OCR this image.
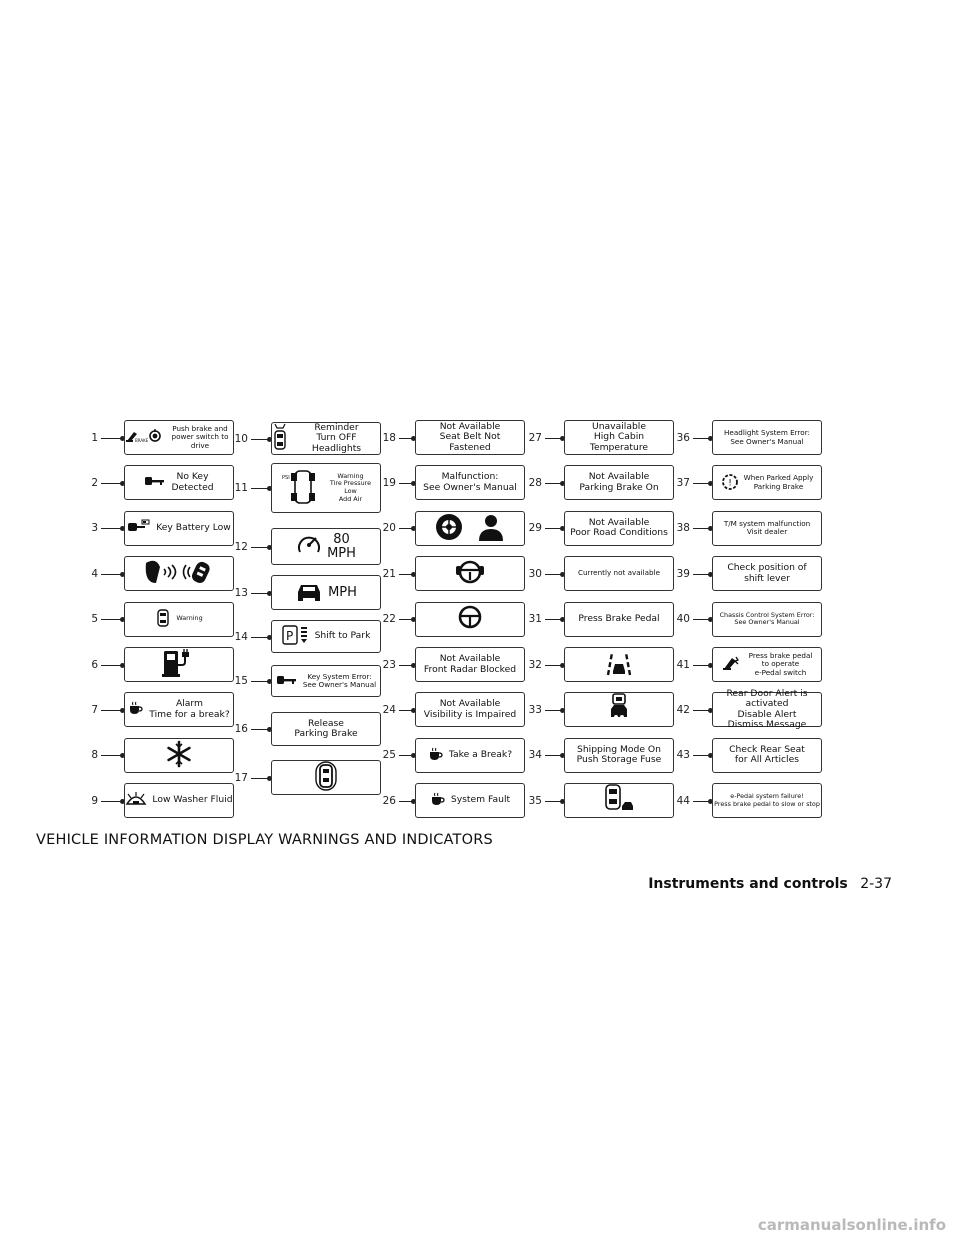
1	BRAKE
Push brake and
power switch to drive
2	No Key
Detected
3	Key Battery Low
4
5	Warning
6
7	Alarm
Time for a break?
8
9	Low Washer Fluid
10
Reminder
Turn OFF Headlights
11
PSI	Warning
Tire Pressure
Low
Add Air
12	80
MPH
13	MPH
14	P Shift to Park
15	Key System Error:
See Owner's Manual
16	Release
Parking Brake
17
18
Not Available
Seat Belt Not
Fastened
19	Malfunction:
See Owner's Manual
20
21
22
23	Not Available
Front Radar Blocked
24	Not Available
Visibility is Impaired
25	Take a Break?
26	System Fault
27
Unavailable
High Cabin
Temperature
28	Not Available
Parking Brake On
29	Not Available
Poor Road Conditions
30	Currently not available
31	Press Brake Pedal
32
33
34	Shipping Mode On
Push Storage Fuse
35
36	Headlight System Error:
See Owner's Manual
37	!
When Parked Apply
Parking Brake
38	T/M system malfunction
Visit dealer
39	Check position of
shift lever
40	Chassis Control System Error:
See Owner's Manual
41
Press brake pedal
to operate
e-Pedal switch
42
Rear Door Alert is
activated
Disable Alert
Dismiss Message
43	Check Rear Seat
for All Articles
44	e-Pedal system failure!
Press brake pedal to slow or stop
VEHICLE INFORMATION DISPLAY WARNINGS AND INDICATORS
Instruments and controls 2-37
carmanualsonline.info
